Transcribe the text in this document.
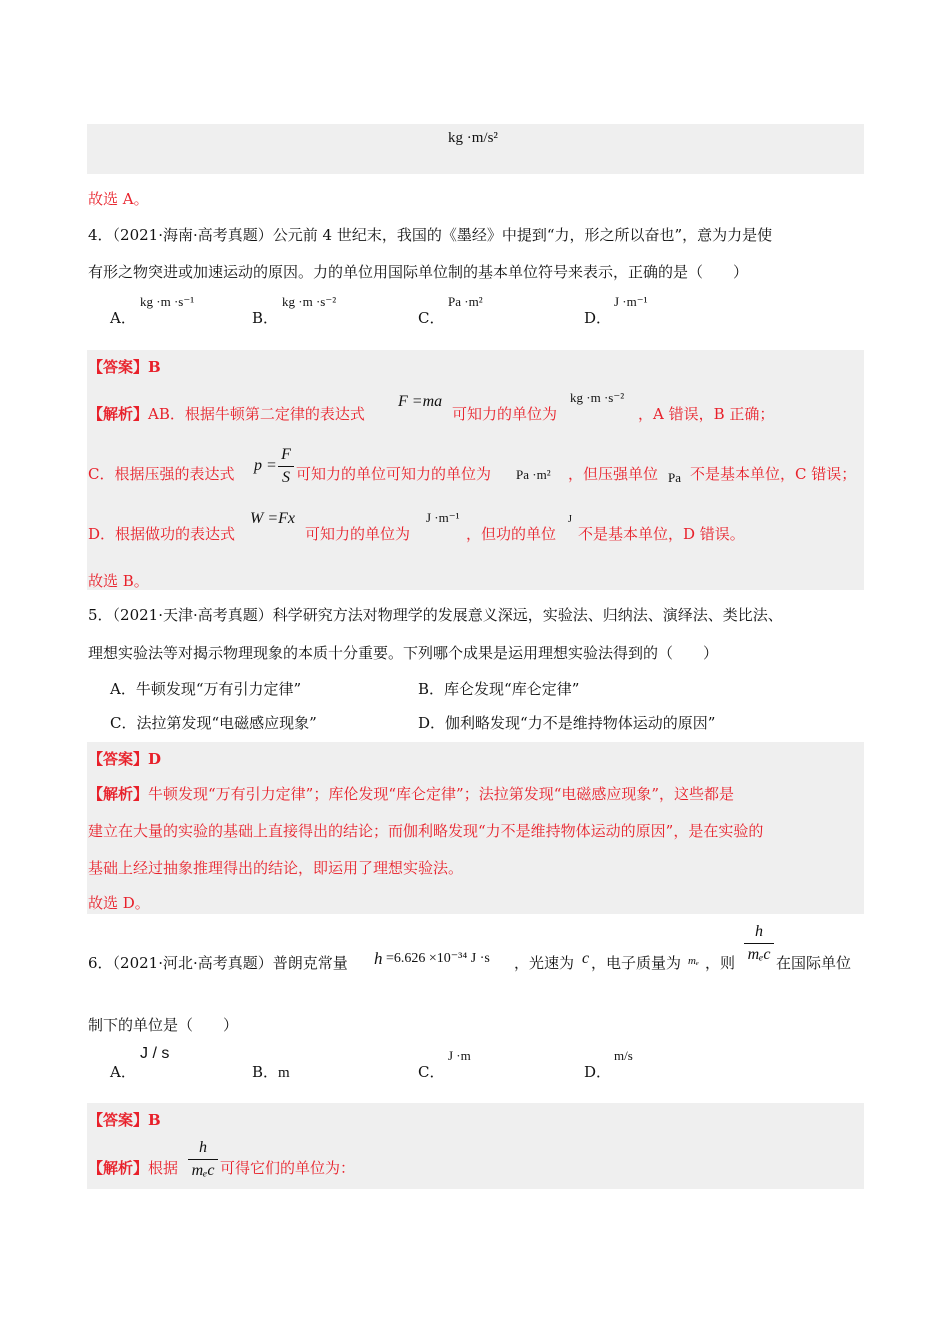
kg ·m/s²
故选 A。
4．（2021·海南·高考真题）公元前 4 世纪末，我国的《墨经》中提到“力，形之所以奋也”，意为力是使
有形之物突进或加速运动的原因。力的单位用国际单位制的基本单位符号来表示，正确的是（　　）
A．
kg ·m ·s⁻¹
B．
kg ·m ·s⁻²
C．
Pa ·m²
D．
J ·m⁻¹
【答案】B
【解析】AB．根据牛顿第二定律的表达式
F =ma
可知力的单位为
kg ·m ·s⁻²
，A 错误，B 正确；
C．根据压强的表达式 p =
F
S 可知力的单位可知力的单位为 Pa ·m² ，但压强单位 Pa 不是基本单位，C 错误；
D．根据做功的表达式
W =Fx
可知力的单位为
J ·m⁻¹
，但功的单位
J
不是基本单位，D 错误。
故选 B。
5．（2021·天津·高考真题）科学研究方法对物理学的发展意义深远，实验法、归纳法、演绎法、类比法、
理想实验法等对揭示物理现象的本质十分重要。下列哪个成果是运用理想实验法得到的（　　）
A．牛顿发现“万有引力定律”	B．库仑发现“库仑定律”
C．法拉第发现“电磁感应现象”	D．伽利略发现“力不是维持物体运动的原因”
【答案】D
【解析】牛顿发现“万有引力定律”；库伦发现“库仑定律”；法拉第发现“电磁感应现象”，这些都是
建立在大量的实验的基础上直接得出的结论；而伽利略发现“力不是维持物体运动的原因”，是在实验的
基础上经过抽象推理得出的结论，即运用了理想实验法。
故选 D。
6．（2021·河北·高考真题）普朗克常量 h =6.626 ×10⁻³⁴ J ·s ，光速为 c ，电子质量为 mₑ ，则
h
mₑc 在国际单位
制下的单位是（　　）
A．
J / s
B．m	C．
J ·m
D．
m/s
【答案】B
【解析】根据
h
mₑc 可得它们的单位为：
